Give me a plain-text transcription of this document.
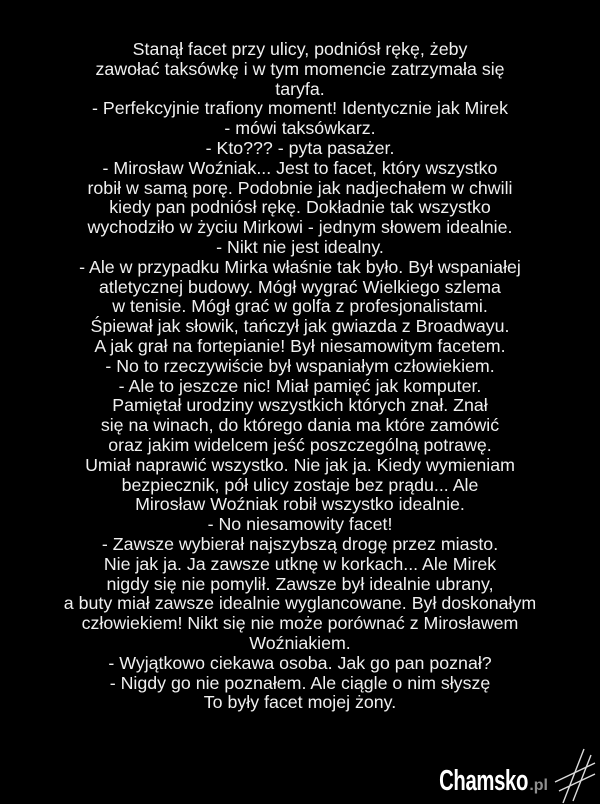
Stanął facet przy ulicy, podniósł rękę, żeby
zawołać taksówkę i w tym momencie zatrzymała się
taryfa.
- Perfekcyjnie trafiony moment! Identycznie jak Mirek
- mówi taksówkarz.
- Kto??? - pyta pasażer.
- Mirosław Woźniak... Jest to facet, który wszystko
robił w samą porę. Podobnie jak nadjechałem w chwili
kiedy pan podniósł rękę. Dokładnie tak wszystko
wychodziło w życiu Mirkowi - jednym słowem idealnie.
- Nikt nie jest idealny.
- Ale w przypadku Mirka właśnie tak było. Był wspaniałej
atletycznej budowy. Mógł wygrać Wielkiego szlema
w tenisie. Mógł grać w golfa z profesjonalistami.
Śpiewał jak słowik, tańczył jak gwiazda z Broadwayu.
A jak grał na fortepianie! Był niesamowitym facetem.
- No to rzeczywiście był wspaniałym człowiekiem.
- Ale to jeszcze nic! Miał pamięć jak komputer.
Pamiętał urodziny wszystkich których znał. Znał
się na winach, do którego dania ma które zamówić
oraz jakim widelcem jeść poszczególną potrawę.
Umiał naprawić wszystko. Nie jak ja. Kiedy wymieniam
bezpiecznik, pół ulicy zostaje bez prądu... Ale
Mirosław Woźniak robił wszystko idealnie.
- No niesamowity facet!
- Zawsze wybierał najszybszą drogę przez miasto.
Nie jak ja. Ja zawsze utknę w korkach... Ale Mirek
nigdy się nie pomylił. Zawsze był idealnie ubrany,
a buty miał zawsze idealnie wyglancowane. Był doskonałym
człowiekiem! Nikt się nie może porównać z Mirosławem
Woźniakiem.
- Wyjątkowo ciekawa osoba. Jak go pan poznał?
- Nigdy go nie poznałem. Ale ciągle o nim słyszę
To były facet mojej żony.
Chamsko .pl
